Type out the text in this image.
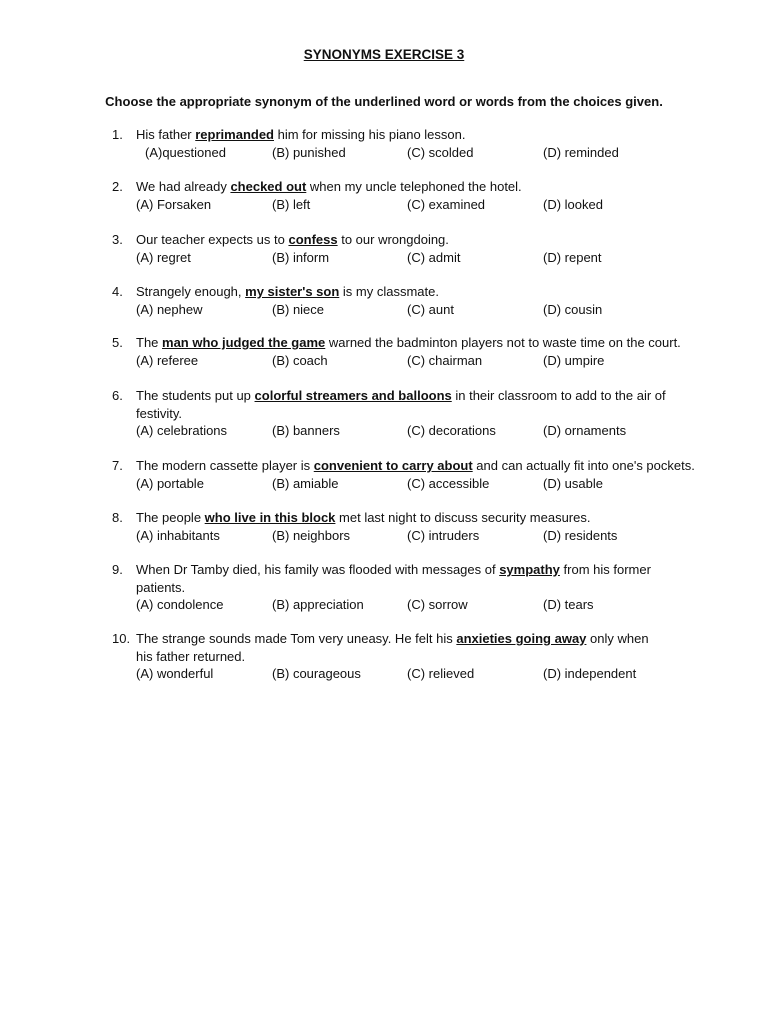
SYNONYMS EXERCISE 3
Choose the appropriate synonym of the underlined word or words from the choices given.
1.	His father reprimanded him for missing his piano lesson.
(A)questioned	(B) punished	(C) scolded	(D) reminded
2.	We had already checked out when my uncle telephoned the hotel.
(A) Forsaken	(B) left	(C) examined	(D) looked
3.	Our teacher expects us to confess to our wrongdoing.
(A) regret	(B) inform	(C) admit	(D) repent
4.	Strangely enough, my sister's son is my classmate.
(A) nephew	(B) niece	(C) aunt	(D) cousin
5.	The man who judged the game warned the badminton players not to waste time on the court.
(A) referee	(B) coach	(C) chairman	(D) umpire
6.	The students put up colorful streamers and balloons in their classroom to add to the air of festivity.
(A) celebrations	(B) banners	(C) decorations	(D) ornaments
7.	The modern cassette player is convenient to carry about and can actually fit into one's pockets.
(A) portable	(B) amiable	(C) accessible	(D) usable
8.	The people who live in this block met last night to discuss security measures.
(A) inhabitants	(B) neighbors	(C) intruders	(D) residents
9.	When Dr Tamby died, his family was flooded with messages of sympathy from his former patients.
(A) condolence	(B) appreciation	(C) sorrow	(D) tears
10. The strange sounds made Tom very uneasy. He felt his anxieties going away only when his father returned.
(A) wonderful	(B) courageous	(C) relieved	(D) independent
